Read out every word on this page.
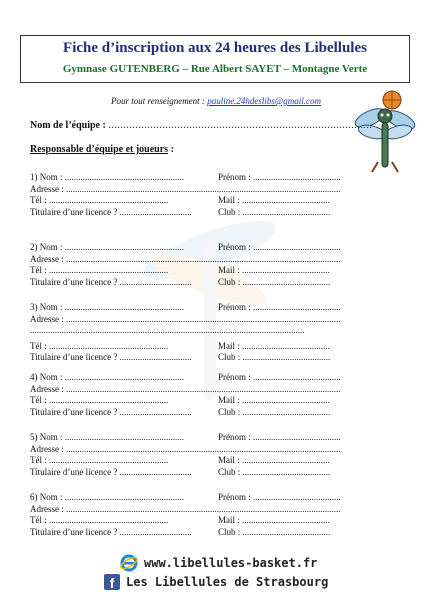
Fiche d’inscription aux 24 heures des Libellules
Gymnase GUTENBERG – Rue Albert SAYET – Montagne Verte
Pour tout renseignement : pauline.24hdeslibs@gmail.com
Nom de l’équipe : ........................................................................................
Responsable d’équipe et joueurs :
1) Nom : .....................................................	Prénom : .......................................
Adresse : ..........................................................................................................................
Tél : .....................................................	Mail : .......................................
Titulaire d’une licence ? ................................	Club : .......................................
2) Nom : .....................................................	Prénom : .......................................
Adresse : ..........................................................................................................................
Tél : .....................................................	Mail : .......................................
Titulaire d’une licence ? ................................	Club : .......................................
3) Nom : .....................................................	Prénom : .......................................
Adresse : ..........................................................................................................................
..........................................................................................................................
Tél : .....................................................	Mail : .......................................
Titulaire d’une licence ? ................................	Club : .......................................
4) Nom : .....................................................	Prénom : .......................................
Adresse : ..........................................................................................................................
Tél : .....................................................	Mail : .......................................
Titulaire d’une licence ? ................................	Club : .......................................
5) Nom : .....................................................	Prénom : .......................................
Adresse : ..........................................................................................................................
Tél : .....................................................	Mail : .......................................
Titulaire d’une licence ? ................................	Club : .......................................
6) Nom : .....................................................	Prénom : .......................................
Adresse : ..........................................................................................................................
Tél : .....................................................	Mail : .......................................
Titulaire d’une licence ? ................................	Club : .......................................
www.libellules-basket.fr
f Les Libellules de Strasbourg
